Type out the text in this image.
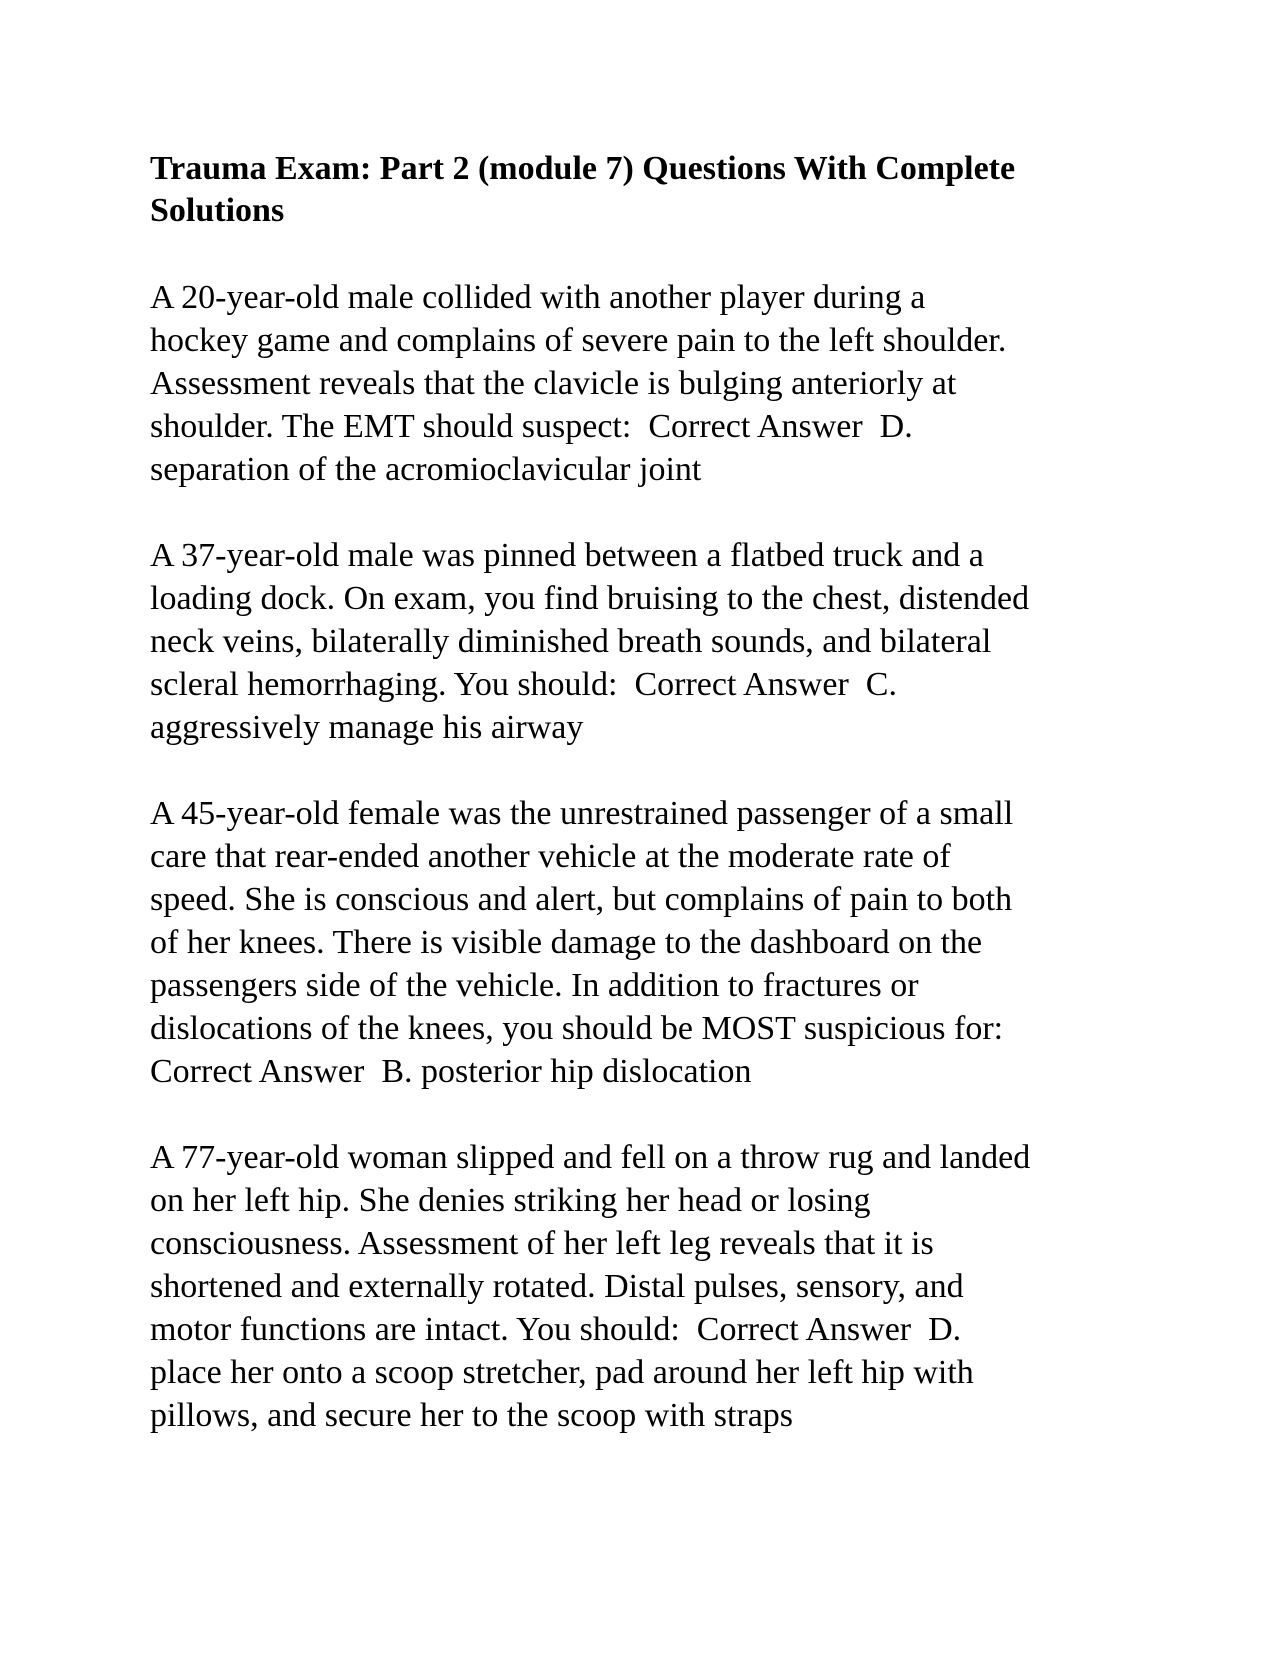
Trauma Exam: Part 2 (module 7) Questions With Complete
Solutions
A 20-year-old male collided with another player during a
hockey game and complains of severe pain to the left shoulder.
Assessment reveals that the clavicle is bulging anteriorly at
shoulder. The EMT should suspect:  Correct Answer  D.
separation of the acromioclavicular joint
A 37-year-old male was pinned between a flatbed truck and a
loading dock. On exam, you find bruising to the chest, distended
neck veins, bilaterally diminished breath sounds, and bilateral
scleral hemorrhaging. You should:  Correct Answer  C.
aggressively manage his airway
A 45-year-old female was the unrestrained passenger of a small
care that rear-ended another vehicle at the moderate rate of
speed. She is conscious and alert, but complains of pain to both
of her knees. There is visible damage to the dashboard on the
passengers side of the vehicle. In addition to fractures or
dislocations of the knees, you should be MOST suspicious for:
Correct Answer  B. posterior hip dislocation
A 77-year-old woman slipped and fell on a throw rug and landed
on her left hip. She denies striking her head or losing
consciousness. Assessment of her left leg reveals that it is
shortened and externally rotated. Distal pulses, sensory, and
motor functions are intact. You should:  Correct Answer  D.
place her onto a scoop stretcher, pad around her left hip with
pillows, and secure her to the scoop with straps
